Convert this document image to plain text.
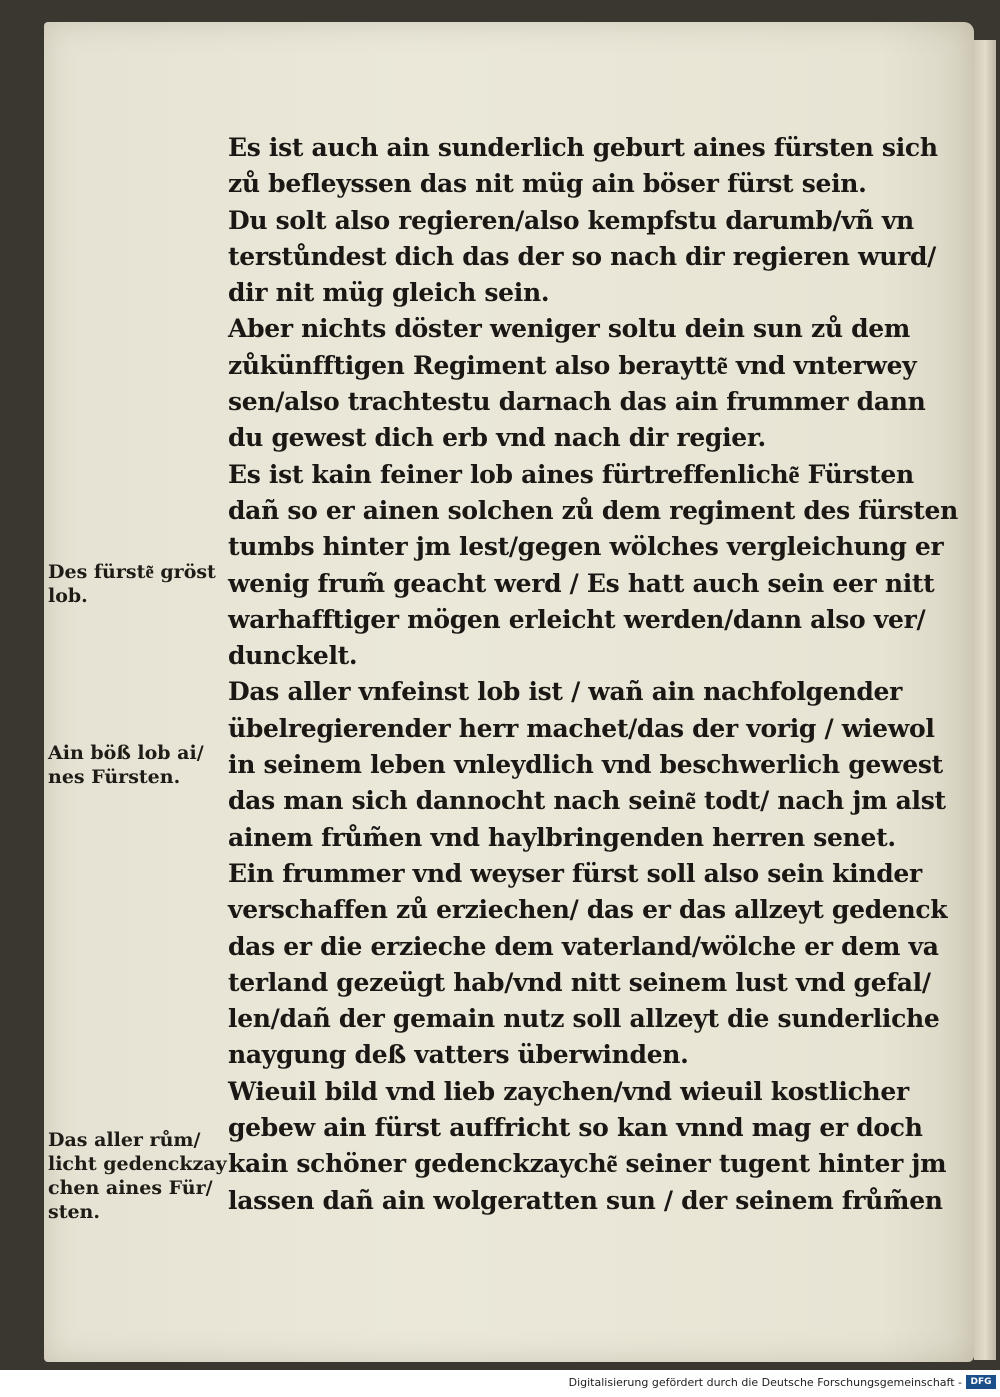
Es ist auch ain sunderlich geburt aines fürsten sich
zů befleyssen das nit müg ain böser fürst sein.
Du solt also regieren/also kempfstu darumb/vñ vn
terstůndest dich das der so nach dir regieren wurd/
dir nit müg gleich sein.
Aber nichts döster weniger soltu dein sun zů dem
zůkünfftigen Regiment also beraytte͂ vnd vnterwey
sen/also trachtestu darnach das ain frummer dann
du gewest dich erb vnd nach dir regier.
Es ist kain feiner lob aines fürtreffenliche͂ Fürsten
dañ so er ainen solchen zů dem regiment des fürsten
tumbs hinter jm lest/gegen wölches vergleichung er
wenig frum̃ geacht werd / Es hatt auch sein eer nitt
warhafftiger mögen erleicht werden/dann also ver/
dunckelt.
Das aller vnfeinst lob ist / wañ ain nachfolgender
übelregierender herr machet/das der vorig / wiewol
in seinem leben vnleydlich vnd beschwerlich gewest
das man sich dannocht nach seine͂ todt/ nach jm alst
ainem frům̃en vnd haylbringenden herren senet.
Ein frummer vnd weyser fürst soll also sein kinder
verschaffen zů erziechen/ das er das allzeyt gedenck
das er die erzieche dem vaterland/wölche er dem va
terland gezeügt hab/vnd nitt seinem lust vnd gefal/
len/dañ der gemain nutz soll allzeyt die sunderliche
naygung deß vatters überwinden.
Wieuil bild vnd lieb zaychen/vnd wieuil kostlicher
gebew ain fürst auffricht so kan vnnd mag er doch
kain schöner gedenckzayche͂ seiner tugent hinter jm
lassen dañ ain wolgeratten sun / der seinem frům̃en
Des fürste͂ gröst
lob.
Ain böß lob ai/
nes Fürsten.
Das aller rům/
licht gedenckzay
chen aines Für/
sten.
Digitalisierung gefördert durch die Deutsche Forschungsgemeinschaft - DFG
